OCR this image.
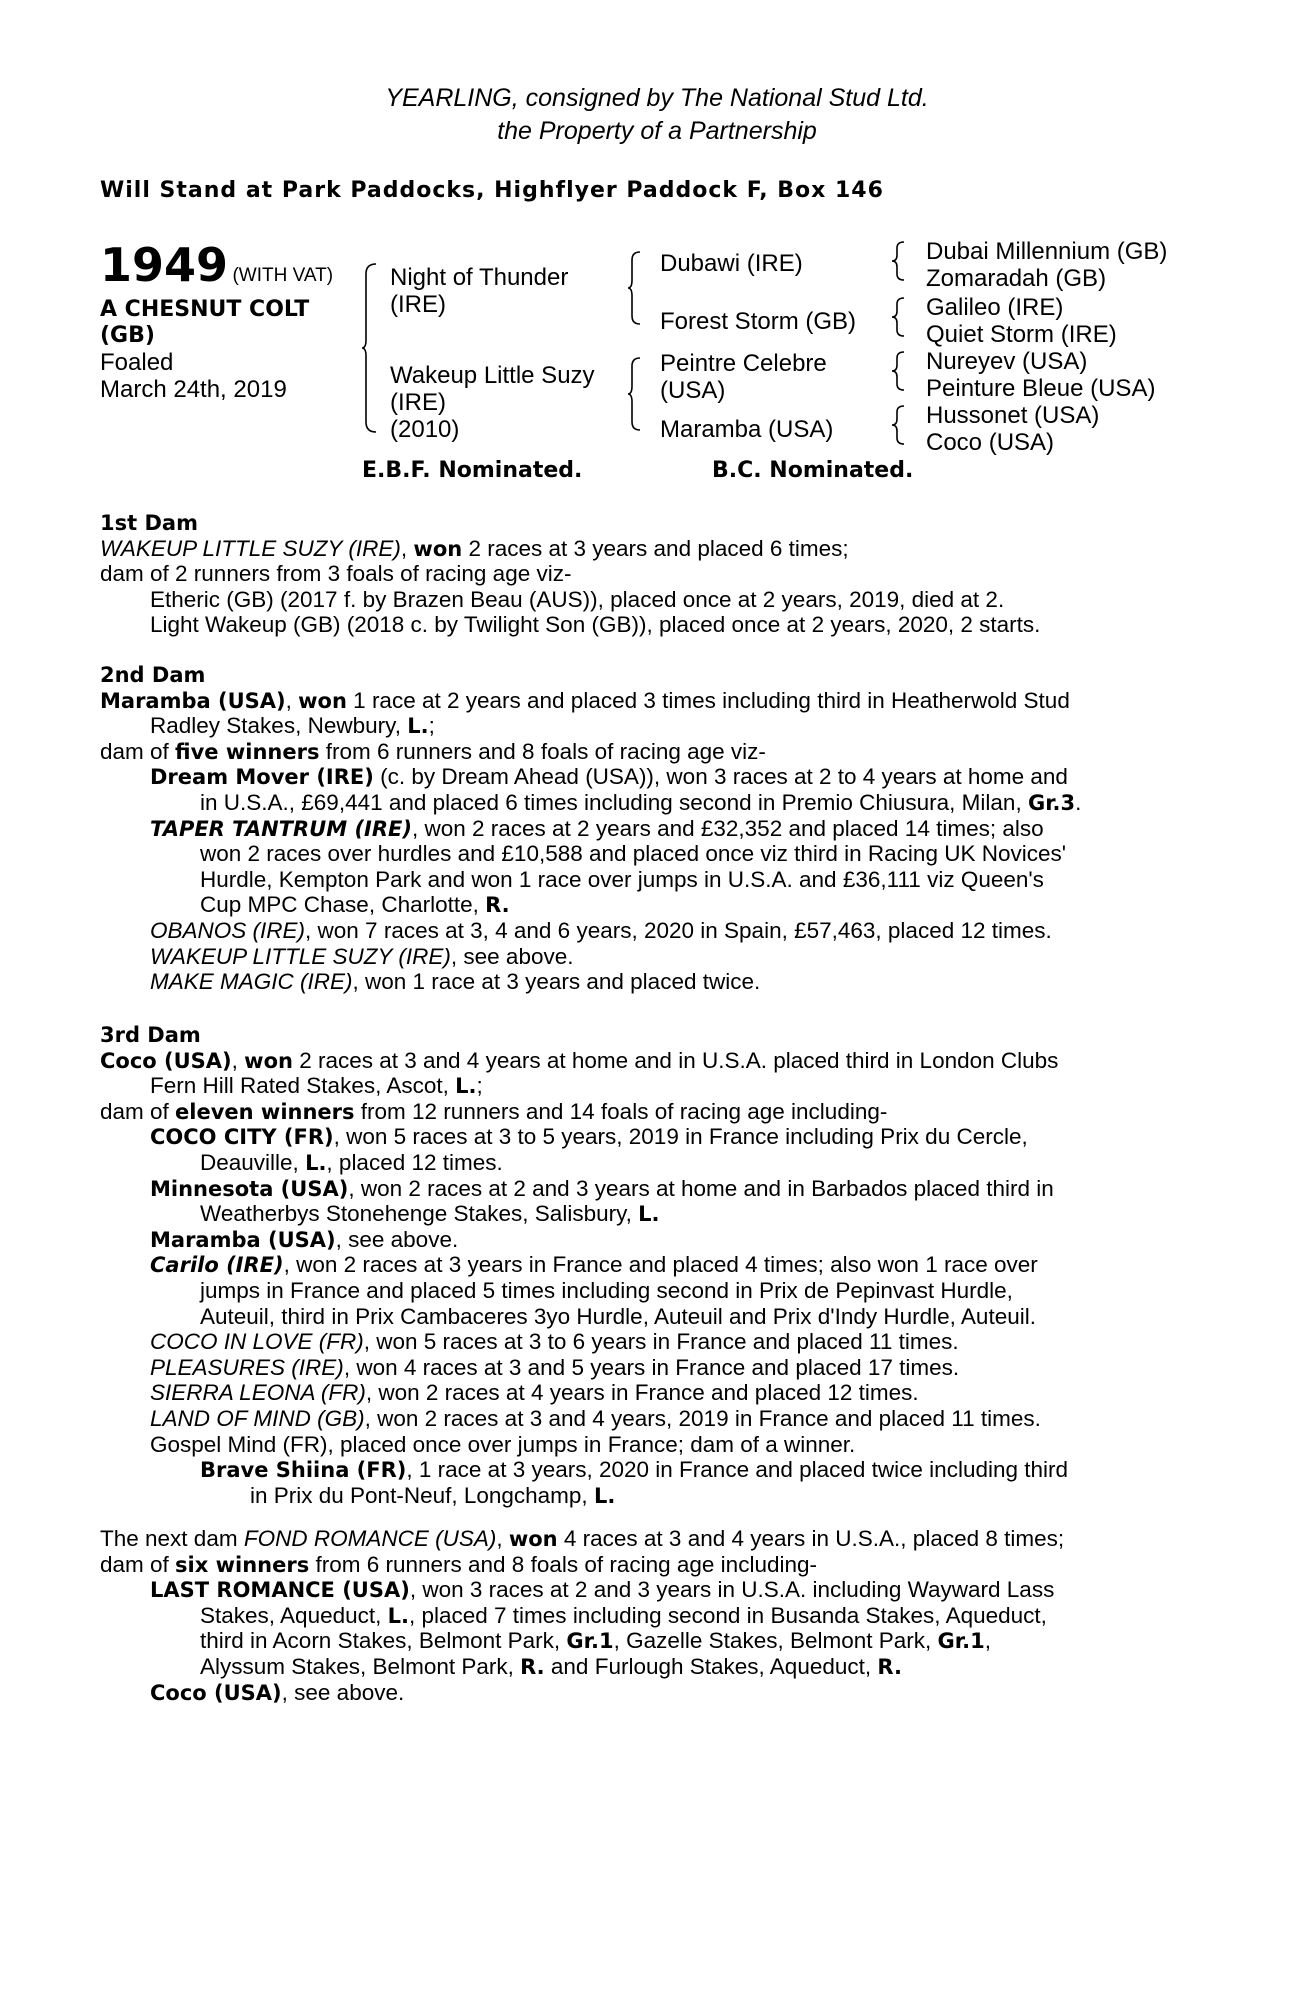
YEARLING, consigned by The National Stud Ltd.
the Property of a Partnership
Will Stand at Park Paddocks, Highflyer Paddock F, Box 146
1949 (WITH VAT)
A CHESNUT COLT
(GB)
Foaled
March 24th, 2019
Night of Thunder
(IRE)
Wakeup Little Suzy
(IRE)
(2010)
Dubawi (IRE)
Forest Storm (GB)
Peintre Celebre
(USA)
Maramba (USA)
Dubai Millennium (GB)
Zomaradah (GB)
Galileo (IRE)
Quiet Storm (IRE)
Nureyev (USA)
Peinture Bleue (USA)
Hussonet (USA)
Coco (USA)
E.B.F. Nominated.	B.C. Nominated.
1st Dam
WAKEUP LITTLE SUZY (IRE), won 2 races at 3 years and placed 6 times;
dam of 2 runners from 3 foals of racing age viz-
Etheric (GB) (2017 f. by Brazen Beau (AUS)), placed once at 2 years, 2019, died at 2.
Light Wakeup (GB) (2018 c. by Twilight Son (GB)), placed once at 2 years, 2020, 2 starts.
2nd Dam
Maramba (USA), won 1 race at 2 years and placed 3 times including third in Heatherwold Stud
Radley Stakes, Newbury, L.;
dam of five winners from 6 runners and 8 foals of racing age viz-
Dream Mover (IRE) (c. by Dream Ahead (USA)), won 3 races at 2 to 4 years at home and
in U.S.A., £69,441 and placed 6 times including second in Premio Chiusura, Milan, Gr.3.
TAPER TANTRUM (IRE), won 2 races at 2 years and £32,352 and placed 14 times; also
won 2 races over hurdles and £10,588 and placed once viz third in Racing UK Novices'
Hurdle, Kempton Park and won 1 race over jumps in U.S.A. and £36,111 viz Queen's
Cup MPC Chase, Charlotte, R.
OBANOS (IRE), won 7 races at 3, 4 and 6 years, 2020 in Spain, £57,463, placed 12 times.
WAKEUP LITTLE SUZY (IRE), see above.
MAKE MAGIC (IRE), won 1 race at 3 years and placed twice.
3rd Dam
Coco (USA), won 2 races at 3 and 4 years at home and in U.S.A. placed third in London Clubs
Fern Hill Rated Stakes, Ascot, L.;
dam of eleven winners from 12 runners and 14 foals of racing age including-
COCO CITY (FR), won 5 races at 3 to 5 years, 2019 in France including Prix du Cercle,
Deauville, L., placed 12 times.
Minnesota (USA), won 2 races at 2 and 3 years at home and in Barbados placed third in
Weatherbys Stonehenge Stakes, Salisbury, L.
Maramba (USA), see above.
Carilo (IRE), won 2 races at 3 years in France and placed 4 times; also won 1 race over
jumps in France and placed 5 times including second in Prix de Pepinvast Hurdle,
Auteuil, third in Prix Cambaceres 3yo Hurdle, Auteuil and Prix d'Indy Hurdle, Auteuil.
COCO IN LOVE (FR), won 5 races at 3 to 6 years in France and placed 11 times.
PLEASURES (IRE), won 4 races at 3 and 5 years in France and placed 17 times.
SIERRA LEONA (FR), won 2 races at 4 years in France and placed 12 times.
LAND OF MIND (GB), won 2 races at 3 and 4 years, 2019 in France and placed 11 times.
Gospel Mind (FR), placed once over jumps in France; dam of a winner.
Brave Shiina (FR), 1 race at 3 years, 2020 in France and placed twice including third
in Prix du Pont-Neuf, Longchamp, L.
The next dam FOND ROMANCE (USA), won 4 races at 3 and 4 years in U.S.A., placed 8 times;
dam of six winners from 6 runners and 8 foals of racing age including-
LAST ROMANCE (USA), won 3 races at 2 and 3 years in U.S.A. including Wayward Lass
Stakes, Aqueduct, L., placed 7 times including second in Busanda Stakes, Aqueduct,
third in Acorn Stakes, Belmont Park, Gr.1, Gazelle Stakes, Belmont Park, Gr.1,
Alyssum Stakes, Belmont Park, R. and Furlough Stakes, Aqueduct, R.
Coco (USA), see above.
